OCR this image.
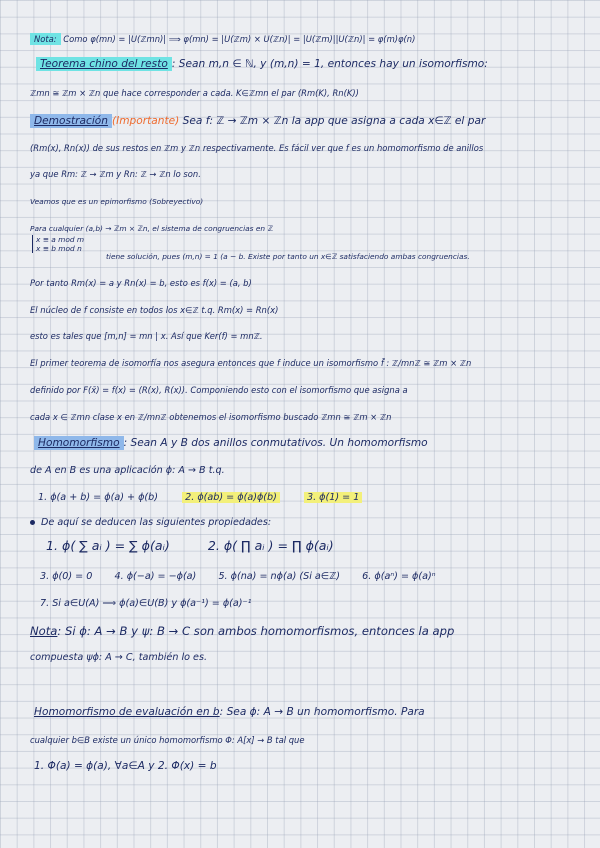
Nota: Como φ(mn) = |U(ℤmn)| ⟹ φ(mn) = |U(ℤm) × U(ℤn)| = |U(ℤm)||U(ℤn)| = φ(m)φ(n)
Teorema chino del resto : Sean m,n ∈ ℕ, y (m,n) = 1, entonces hay un isomorfismo:
ℤmn ≅ ℤm × ℤn que hace corresponder a cada. K∈ℤmn el par (Rm(K), Rn(K))
Demostración (Importante) Sea f: ℤ → ℤm × ℤn la app que asigna a cada x∈ℤ el par
(Rm(x), Rn(x)) de sus restos en ℤm y ℤn respectivamente. Es fácil ver que f es un homomorfismo de anillos
ya que Rm: ℤ → ℤm y Rn: ℤ → ℤn lo son.
Veamos que es un epimorfismo (Sobreyectivo)
Para cualquier (a,b) → ℤm × ℤn, el sistema de congruencias en ℤ
x ≡ a mod m
x ≡ b mod n
tiene solución, pues (m,n) = 1 (a − b. Existe por tanto un x∈ℤ satisfaciendo ambas congruencias.
Por tanto Rm(x) = a y Rn(x) = b, esto es f(x) = (a, b)
El núcleo de f consiste en todos los x∈ℤ t.q. Rm(x) = Rn(x)
esto es tales que [m,n] = mn | x. Así que Ker(f) = mnℤ.
El primer teorema de isomorfía nos asegura entonces que f induce un isomorfismo f̄ : ℤ/mnℤ ≅ ℤm × ℤn
definido por F(x̄) = f(x) = (R(x), R(x)). Componiendo esto con el isomorfismo que asigna a
cada x ∈ ℤmn clase x en ℤ/mnℤ obtenemos el isomorfismo buscado ℤmn ≅ ℤm × ℤn
Homomorfismo : Sean A y B dos anillos conmutativos. Un homomorfismo
de A en B es una aplicación ϕ: A → B t.q.
1. ϕ(a + b) = ϕ(a) + ϕ(b)	2. ϕ(ab) = ϕ(a)ϕ(b)	3. ϕ(1) = 1
De aquí se deducen las siguientes propiedades:
1. ϕ( ∑ aᵢ ) = ∑ ϕ(aᵢ)	2. ϕ( ∏ aᵢ ) = ∏ ϕ(aᵢ)
3. ϕ(0) = 0 4. ϕ(−a) = −ϕ(a) 5. ϕ(na) = nϕ(a) (Si a∈ℤ) 6. ϕ(aⁿ) = ϕ(a)ⁿ
7. Si a∈U(A) ⟹ ϕ(a)∈U(B) y ϕ(a⁻¹) = ϕ(a)⁻¹
Nota: Si ϕ: A → B y ψ: B → C son ambos homomorfismos, entonces la app
compuesta ψϕ: A → C, también lo es.
Homomorfismo de evaluación en b: Sea ϕ: A → B un homomorfismo. Para
cualquier b∈B existe un único homomorfismo Φ: A[x] → B tal que
1. Φ(a) = ϕ(a), ∀a∈A y 2. Φ(x) = b
